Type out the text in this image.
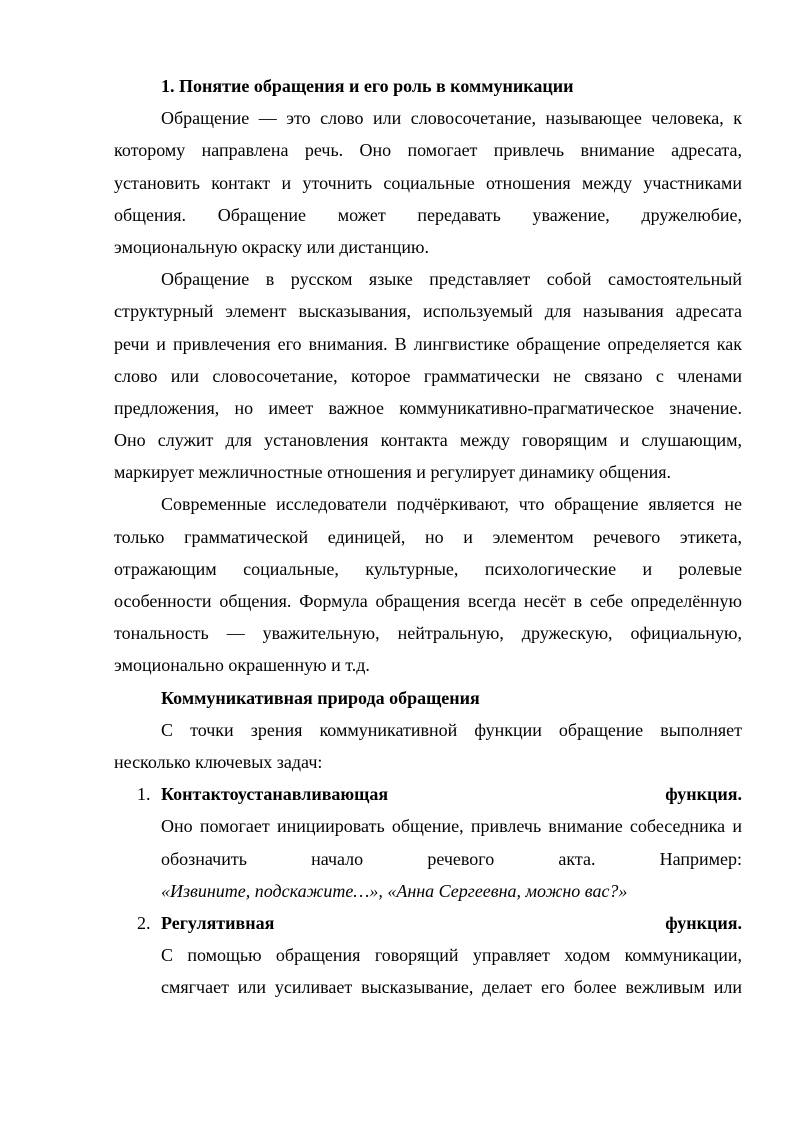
1. Понятие обращения и его роль в коммуникации
Обращение — это слово или словосочетание, называющее человека, к
которому направлена речь. Оно помогает привлечь внимание адресата,
установить контакт и уточнить социальные отношения между участниками
общения. Обращение может передавать уважение, дружелюбие,
эмоциональную окраску или дистанцию.
Обращение в русском языке представляет собой самостоятельный
структурный элемент высказывания, используемый для называния адресата
речи и привлечения его внимания. В лингвистике обращение определяется как
слово или словосочетание, которое грамматически не связано с членами
предложения, но имеет важное коммуникативно-прагматическое значение.
Оно служит для установления контакта между говорящим и слушающим,
маркирует межличностные отношения и регулирует динамику общения.
Современные исследователи подчёркивают, что обращение является не
только грамматической единицей, но и элементом речевого этикета,
отражающим социальные, культурные, психологические и ролевые
особенности общения. Формула обращения всегда несёт в себе определённую
тональность — уважительную, нейтральную, дружескую, официальную,
эмоционально окрашенную и т.д.
Коммуникативная природа обращения
С точки зрения коммуникативной функции обращение выполняет
несколько ключевых задач:
1. Контактоустанавливающая	функция.
Оно помогает инициировать общение, привлечь внимание собеседника и
обозначить начало речевого акта. Например:
«Извините, подскажите…», «Анна Сергеевна, можно вас?»
2. Регулятивная	функция.
С помощью обращения говорящий управляет ходом коммуникации,
смягчает или усиливает высказывание, делает его более вежливым или
